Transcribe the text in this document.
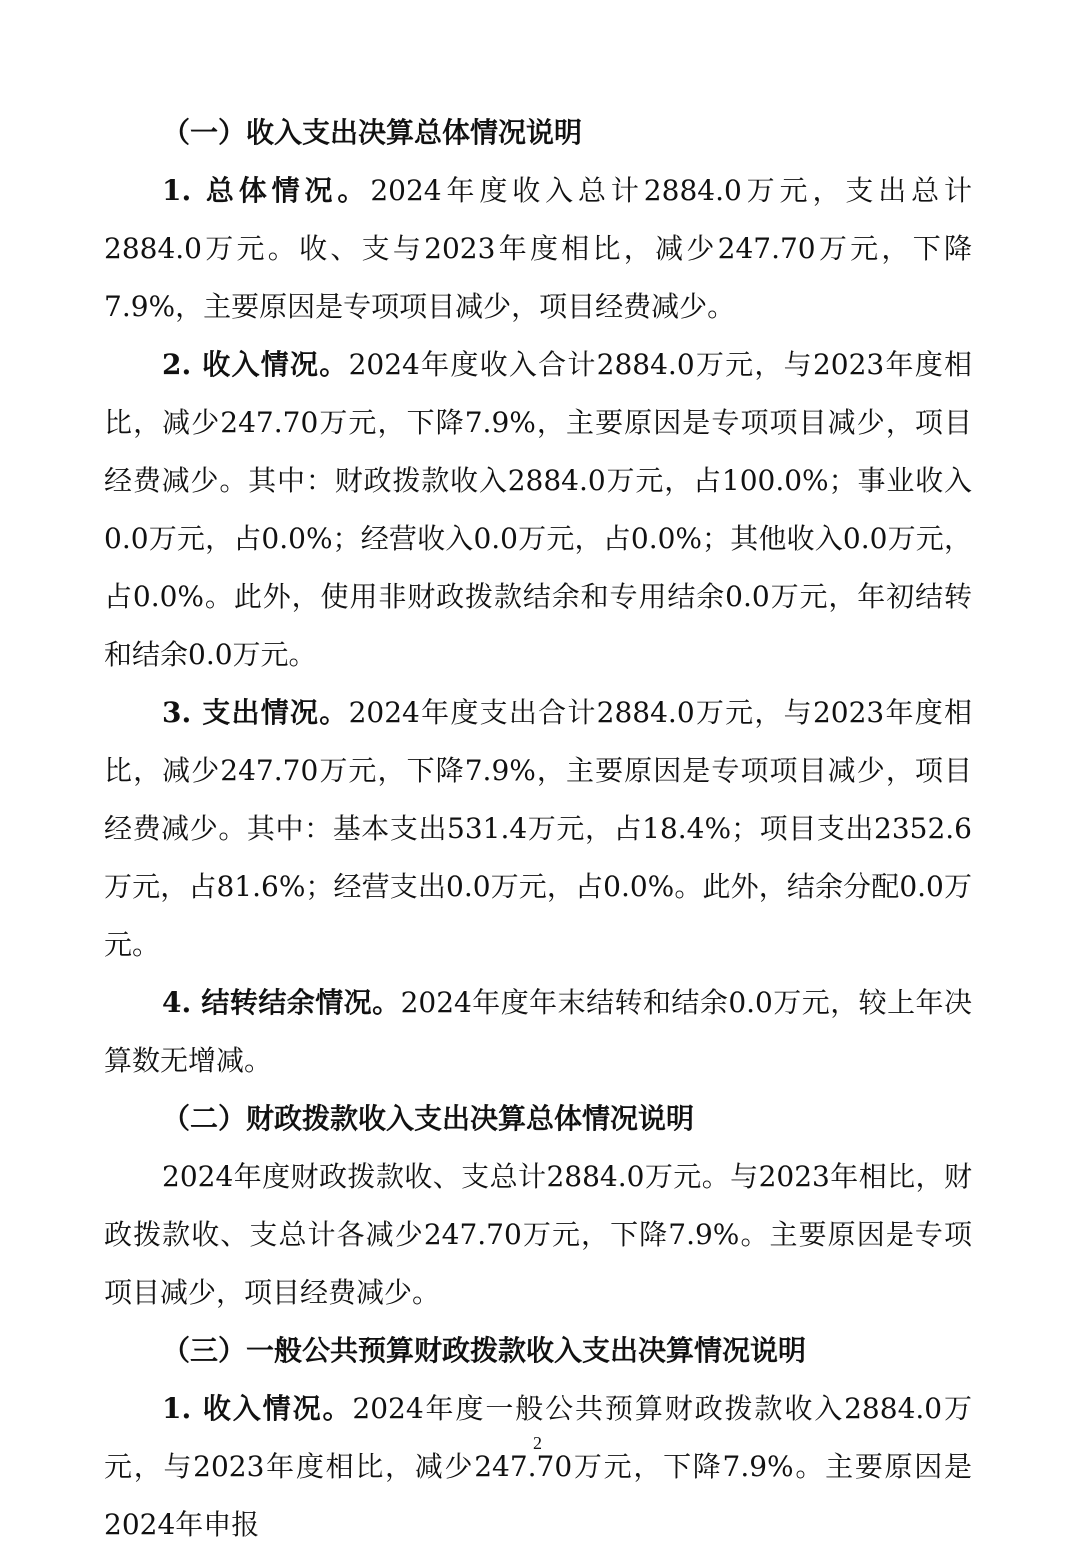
（一）收入支出决算总体情况说明

1. 总体情况。2024年度收入总计2884.0万元，支出总计2884.0万元。收、支与2023年度相比，减少247.70万元，下降7.9%，主要原因是专项项目减少，项目经费减少。

2. 收入情况。2024年度收入合计2884.0万元，与2023年度相比，减少247.70万元，下降7.9%，主要原因是专项项目减少，项目经费减少。其中：财政拨款收入2884.0万元，占100.0%；事业收入0.0万元，占0.0%；经营收入0.0万元，占0.0%；其他收入0.0万元，占0.0%。此外，使用非财政拨款结余和专用结余0.0万元，年初结转和结余0.0万元。

3. 支出情况。2024年度支出合计2884.0万元，与2023年度相比，减少247.70万元，下降7.9%，主要原因是专项项目减少，项目经费减少。其中：基本支出531.4万元，占18.4%；项目支出2352.6万元，占81.6%；经营支出0.0万元，占0.0%。此外，结余分配0.0万元。

4. 结转结余情况。2024年度年末结转和结余0.0万元，较上年决算数无增减。

（二）财政拨款收入支出决算总体情况说明

2024年度财政拨款收、支总计2884.0万元。与2023年相比，财政拨款收、支总计各减少247.70万元，下降7.9%。主要原因是专项项目减少，项目经费减少。

（三）一般公共预算财政拨款收入支出决算情况说明

1. 收入情况。2024年度一般公共预算财政拨款收入2884.0万元，与2023年度相比，减少247.70万元，下降7.9%。主要原因是2024年申报

2
